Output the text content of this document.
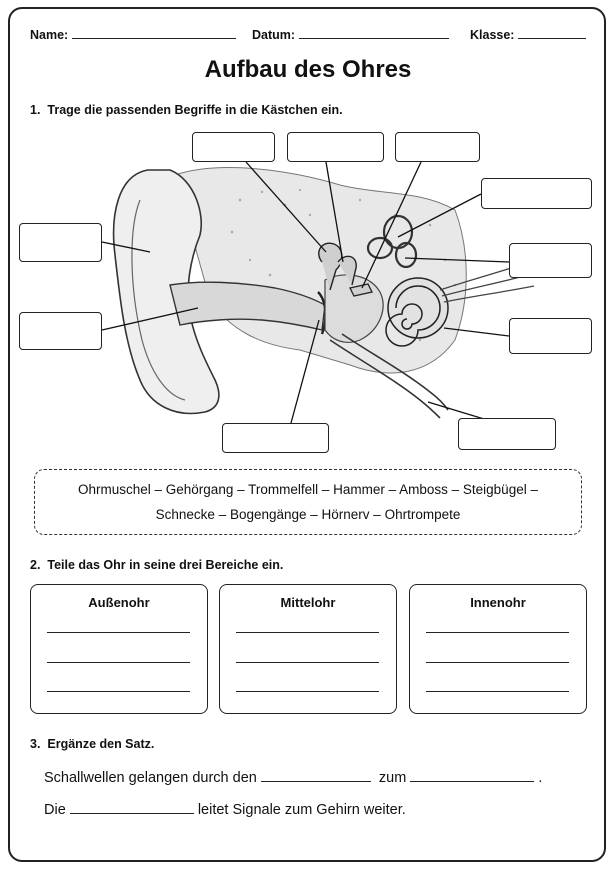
Name:	Datum:	Klasse:
Aufbau des Ohres
1. Trage die passenden Begriffe in die Kästchen ein.
Ohrmuschel – Gehörgang – Trommelfell – Hammer – Amboss – Steigbügel –
Schnecke – Bogengänge – Hörnerv – Ohrtrompete
2. Teile das Ohr in seine drei Bereiche ein.
Außenohr	Mittelohr	Innenohr
3. Ergänze den Satz.
Schallwellen gelangen durch den	zum	.
Die	leitet Signale zum Gehirn weiter.
